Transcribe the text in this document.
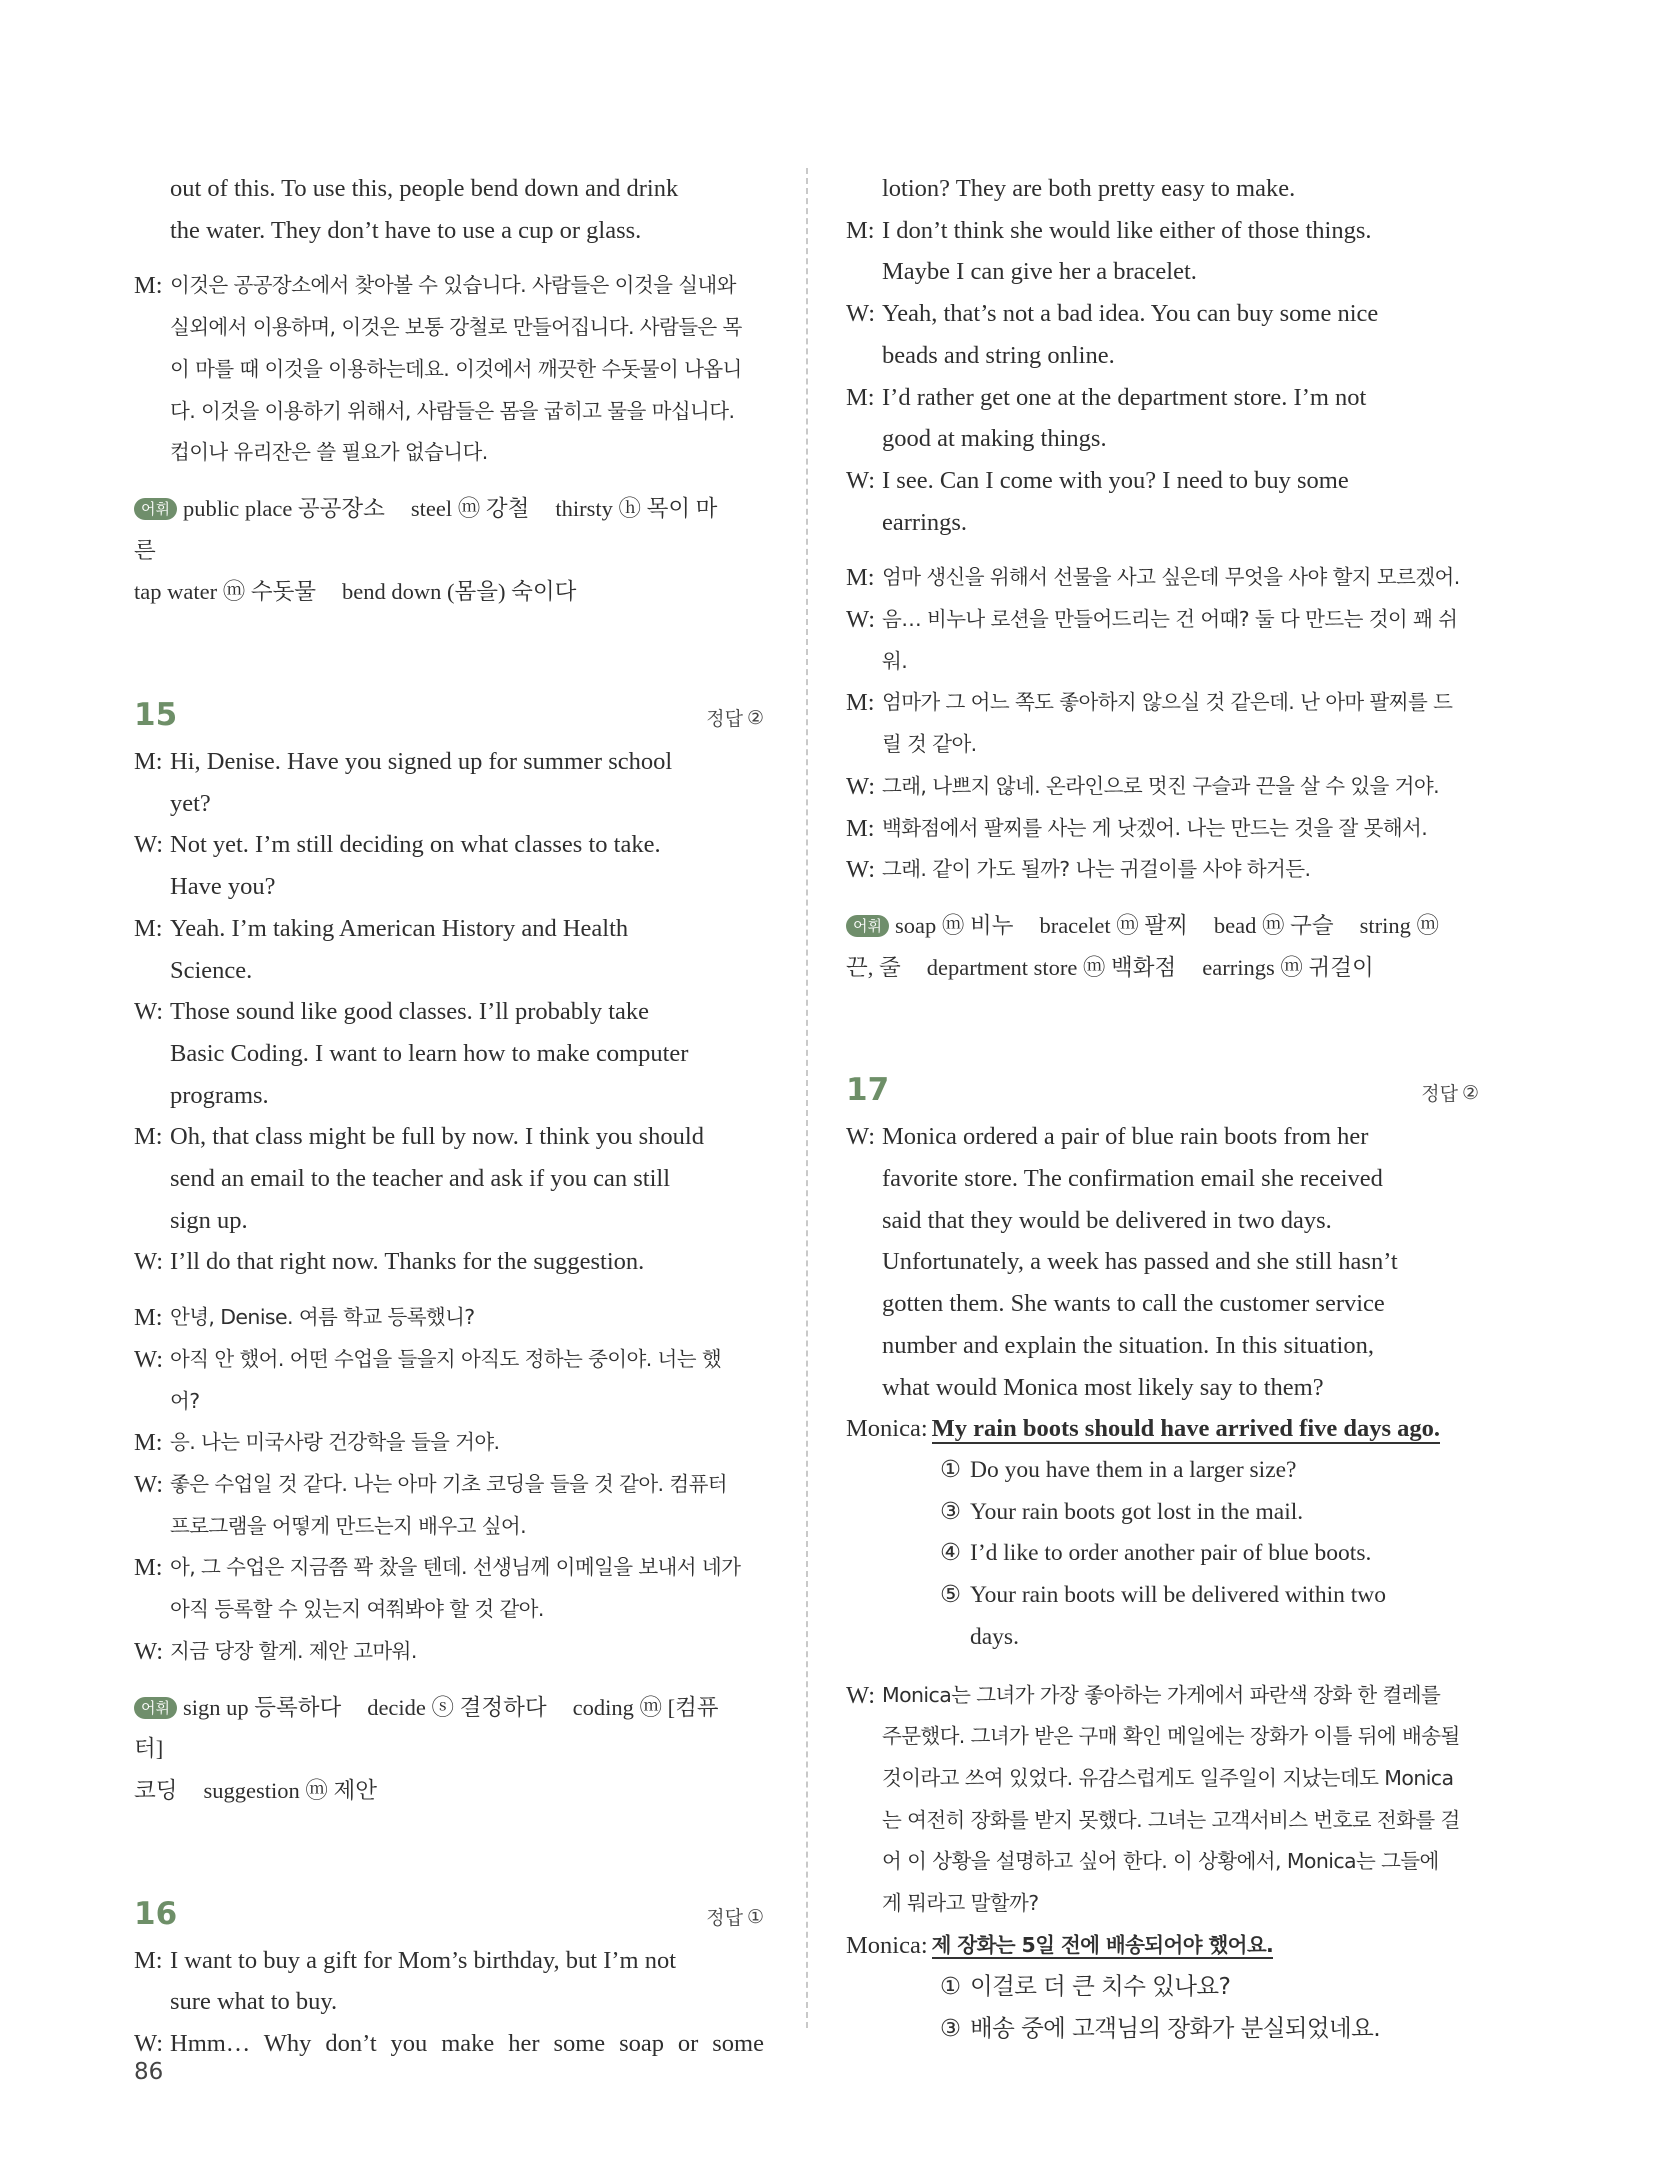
out of this. To use this, people bend down and drink
the water. They don’t have to use a cup or glass.
M: 이것은 공공장소에서 찾아볼 수 있습니다. 사람들은 이것을 실내와
실외에서 이용하며, 이것은 보통 강철로 만들어집니다. 사람들은 목
이 마를 때 이것을 이용하는데요. 이것에서 깨끗한 수돗물이 나옵니
다. 이것을 이용하기 위해서, 사람들은 몸을 굽히고 물을 마십니다.
컵이나 유리잔은 쓸 필요가 없습니다.
어휘 public place 공공장소 steel ⓜ 강철 thirsty ⓗ 목이 마른
tap water ⓜ 수돗물 bend down (몸을) 숙이다
15	정답 ②
M: Hi, Denise. Have you signed up for summer school
yet?
W: Not yet. I’m still deciding on what classes to take.
Have you?
M: Yeah. I’m taking American History and Health
Science.
W: Those sound like good classes. I’ll probably take
Basic Coding. I want to learn how to make computer
programs.
M: Oh, that class might be full by now. I think you should
send an email to the teacher and ask if you can still
sign up.
W: I’ll do that right now. Thanks for the suggestion.
M: 안녕, Denise. 여름 학교 등록했니?
W: 아직 안 했어. 어떤 수업을 들을지 아직도 정하는 중이야. 너는 했
어?
M: 응. 나는 미국사랑 건강학을 들을 거야.
W: 좋은 수업일 것 같다. 나는 아마 기초 코딩을 들을 것 같아. 컴퓨터
프로그램을 어떻게 만드는지 배우고 싶어.
M: 아, 그 수업은 지금쯤 꽉 찼을 텐데. 선생님께 이메일을 보내서 네가
아직 등록할 수 있는지 여쭤봐야 할 것 같아.
W: 지금 당장 할게. 제안 고마워.
어휘 sign up 등록하다 decide ⓢ 결정하다 coding ⓜ [컴퓨터]
코딩 suggestion ⓜ 제안
16	정답 ①
M: I want to buy a gift for Mom’s birthday, but I’m not
sure what to buy.
W: Hmm… Why don’t you make her some soap or some
lotion? They are both pretty easy to make.
M: I don’t think she would like either of those things.
Maybe I can give her a bracelet.
W: Yeah, that’s not a bad idea. You can buy some nice
beads and string online.
M: I’d rather get one at the department store. I’m not
good at making things.
W: I see. Can I come with you? I need to buy some
earrings.
M: 엄마 생신을 위해서 선물을 사고 싶은데 무엇을 사야 할지 모르겠어.
W: 음… 비누나 로션을 만들어드리는 건 어때? 둘 다 만드는 것이 꽤 쉬워.
M: 엄마가 그 어느 쪽도 좋아하지 않으실 것 같은데. 난 아마 팔찌를 드
릴 것 같아.
W: 그래, 나쁘지 않네. 온라인으로 멋진 구슬과 끈을 살 수 있을 거야.
M: 백화점에서 팔찌를 사는 게 낫겠어. 나는 만드는 것을 잘 못해서.
W: 그래. 같이 가도 될까? 나는 귀걸이를 사야 하거든.
어휘 soap ⓜ 비누 bracelet ⓜ 팔찌 bead ⓜ 구슬 string ⓜ
끈, 줄 department store ⓜ 백화점 earrings ⓜ 귀걸이
17	정답 ②
W: Monica ordered a pair of blue rain boots from her
favorite store. The confirmation email she received
said that they would be delivered in two days.
Unfortunately, a week has passed and she still hasn’t
gotten them. She wants to call the customer service
number and explain the situation. In this situation,
what would Monica most likely say to them?
Monica: My rain boots should have arrived five days ago.
① Do you have them in a larger size?
③ Your rain boots got lost in the mail.
④ I’d like to order another pair of blue boots.
⑤ Your rain boots will be delivered within two
days.
W: Monica는 그녀가 가장 좋아하는 가게에서 파란색 장화 한 켤레를
주문했다. 그녀가 받은 구매 확인 메일에는 장화가 이틀 뒤에 배송될
것이라고 쓰여 있었다. 유감스럽게도 일주일이 지났는데도 Monica
는 여전히 장화를 받지 못했다. 그녀는 고객서비스 번호로 전화를 걸
어 이 상황을 설명하고 싶어 한다. 이 상황에서, Monica는 그들에
게 뭐라고 말할까?
Monica: 제 장화는 5일 전에 배송되어야 했어요.
① 이걸로 더 큰 치수 있나요?
③ 배송 중에 고객님의 장화가 분실되었네요.
86
